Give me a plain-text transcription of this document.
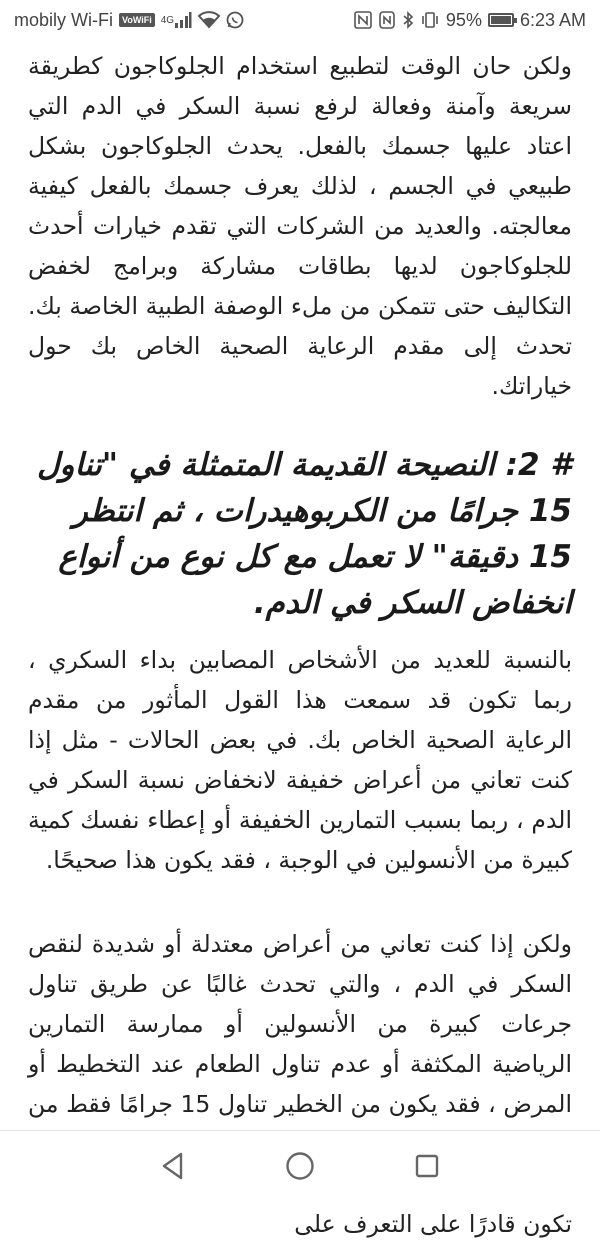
mobily Wi-Fi	VoWiFi 4G	95% 6:23 AM

ولكن حان الوقت لتطبيع استخدام الجلوكاجون كطريقة سريعة وآمنة وفعالة لرفع نسبة السكر في الدم التي اعتاد عليها جسمك بالفعل. يحدث الجلوكاجون بشكل طبيعي في الجسم ، لذلك يعرف جسمك بالفعل كيفية معالجته. والعديد من الشركات التي تقدم خيارات أحدث للجلوكاجون لديها بطاقات مشاركة وبرامج لخفض التكاليف حتى تتمكن من ملء الوصفة الطبية الخاصة بك. تحدث إلى مقدم الرعاية الصحية الخاص بك حول خياراتك.

# 2: النصيحة القديمة المتمثلة في "تناول 15 جرامًا من الكربوهيدرات ، ثم انتظر 15 دقيقة" لا تعمل مع كل نوع من أنواع انخفاض السكر في الدم.

بالنسبة للعديد من الأشخاص المصابين بداء السكري ، ربما تكون قد سمعت هذا القول المأثور من مقدم الرعاية الصحية الخاص بك. في بعض الحالات - مثل إذا كنت تعاني من أعراض خفيفة لانخفاض نسبة السكر في الدم ، ربما بسبب التمارين الخفيفة أو إعطاء نفسك كمية كبيرة من الأنسولين في الوجبة ، فقد يكون هذا صحيحًا.

ولكن إذا كنت تعاني من أعراض معتدلة أو شديدة لنقص السكر في الدم ، والتي تحدث غالبًا عن طريق تناول جرعات كبيرة من الأنسولين أو ممارسة التمارين الرياضية المكثفة أو عدم تناول الطعام عند التخطيط أو المرض ، فقد يكون من الخطير تناول 15 جرامًا فقط من تكون قادرًا على التعرف على
